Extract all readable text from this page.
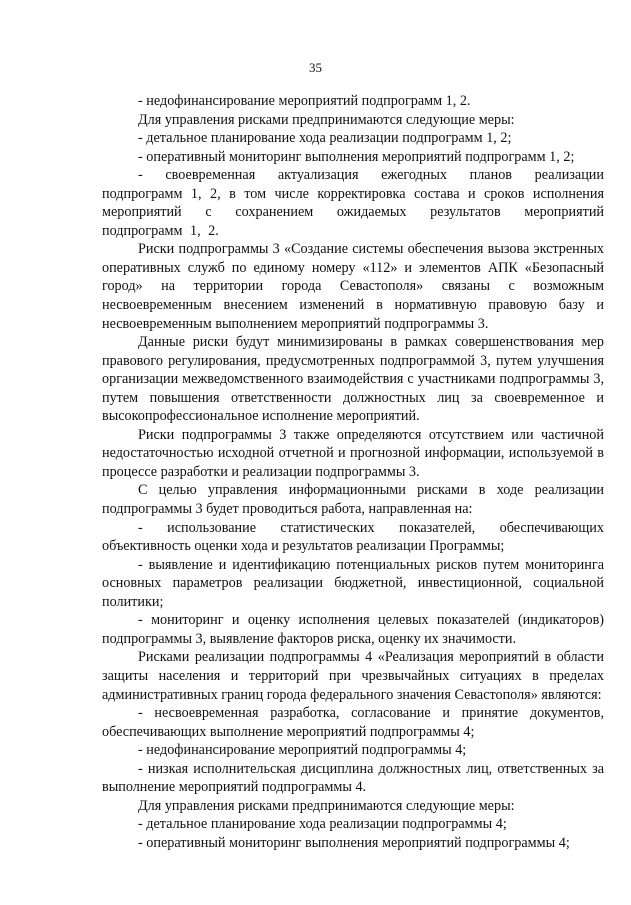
35

- недофинансирование мероприятий подпрограмм 1, 2.

Для управления рисками предпринимаются следующие меры:

- детальное планирование хода реализации подпрограмм 1, 2;

- оперативный мониторинг выполнения мероприятий подпрограмм 1, 2;

- своевременная актуализация ежегодных планов реализации подпрограмм 1, 2, в том числе корректировка состава и сроков исполнения мероприятий с сохранением ожидаемых результатов мероприятий подпрограмм 1, 2.

Риски подпрограммы 3 «Создание системы обеспечения вызова экстренных оперативных служб по единому номеру «112» и элементов АПК «Безопасный город» на территории города Севастополя» связаны с возможным несвоевременным внесением изменений в нормативную правовую базу и несвоевременным выполнением мероприятий подпрограммы 3.

Данные риски будут минимизированы в рамках совершенствования мер правового регулирования, предусмотренных подпрограммой 3, путем улучшения организации межведомственного взаимодействия с участниками подпрограммы 3, путем повышения ответственности должностных лиц за своевременное и высокопрофессиональное исполнение мероприятий.

Риски подпрограммы 3 также определяются отсутствием или частичной недостаточностью исходной отчетной и прогнозной информации, используемой в процессе разработки и реализации подпрограммы 3.

С целью управления информационными рисками в ходе реализации подпрограммы 3 будет проводиться работа, направленная на:

- использование статистических показателей, обеспечивающих объективность оценки хода и результатов реализации Программы;

- выявление и идентификацию потенциальных рисков путем мониторинга основных параметров реализации бюджетной, инвестиционной, социальной политики;

- мониторинг и оценку исполнения целевых показателей (индикаторов) подпрограммы 3, выявление факторов риска, оценку их значимости.

Рисками реализации подпрограммы 4 «Реализация мероприятий в области защиты населения и территорий при чрезвычайных ситуациях в пределах административных границ города федерального значения Севастополя» являются:

- несвоевременная разработка, согласование и принятие документов, обеспечивающих выполнение мероприятий подпрограммы 4;

- недофинансирование мероприятий подпрограммы 4;

- низкая исполнительская дисциплина должностных лиц, ответственных за выполнение мероприятий подпрограммы 4.

Для управления рисками предпринимаются следующие меры:

- детальное планирование хода реализации подпрограммы 4;

- оперативный мониторинг выполнения мероприятий подпрограммы 4;
